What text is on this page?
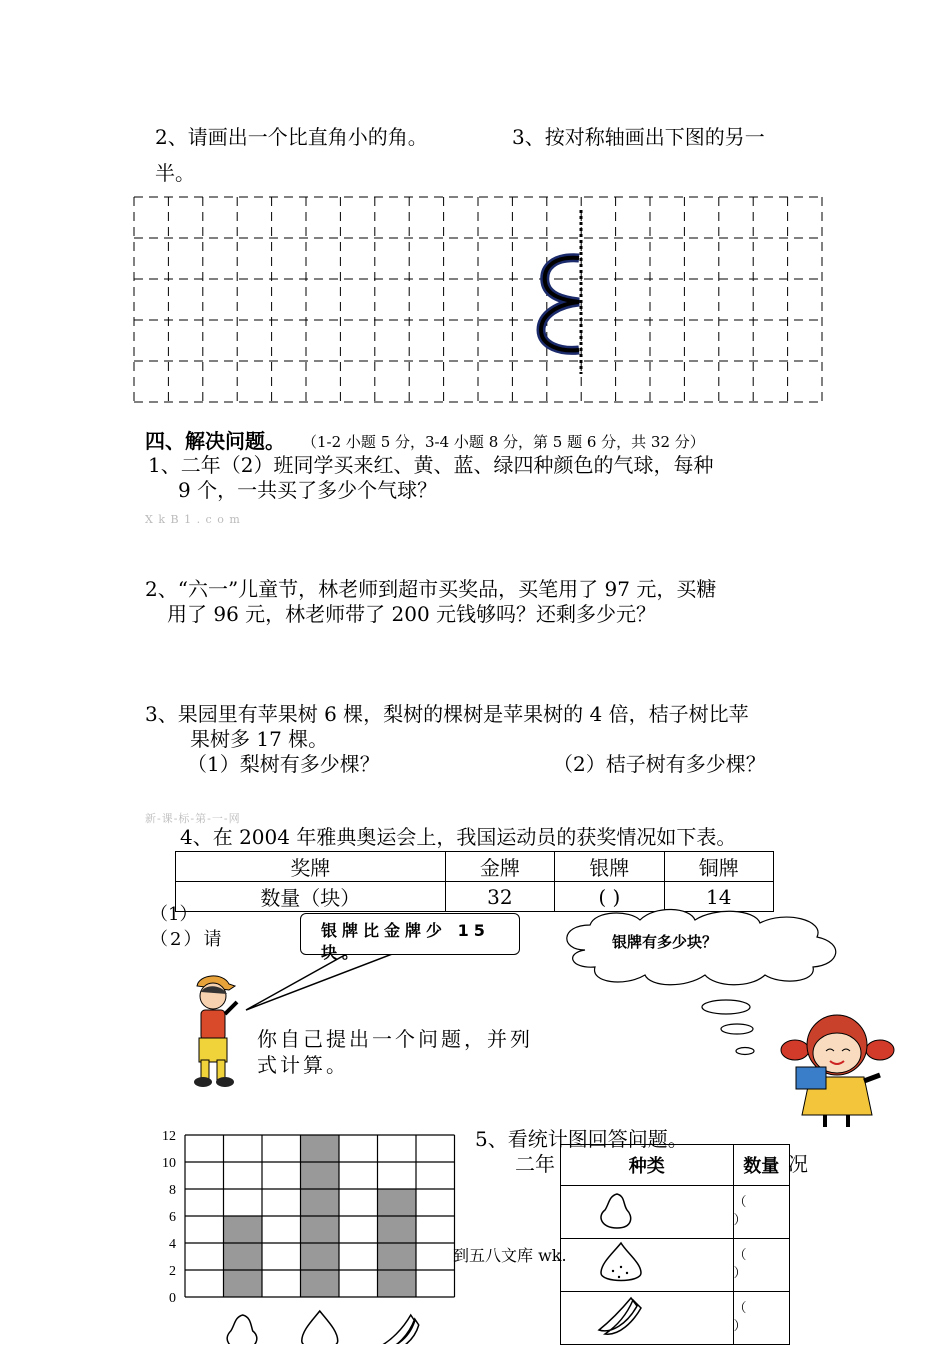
2、请画出一个比直角小的角。	3、按对称轴画出下图的另一
半。
四、解决问题。 （1-2 小题 5 分，3-4 小题 8 分，第 5 题 6 分，共 32 分）
1、二年（2）班同学买来红、黄、蓝、绿四种颜色的气球，每种
9 个，一共买了多少个气球？
X k B 1 . c o m
2、“六一”儿童节，林老师到超市买奖品，买笔用了 97 元，买糖
用了 96 元，林老师带了 200 元钱够吗？还剩多少元？
3、果园里有苹果树 6 棵，梨树的棵树是苹果树的 4 倍，桔子树比苹
果树多 17 棵。
（1）梨树有多少棵？	（2）桔子树有多少棵？
新-课-标-第-一-网
4、在 2004 年雅典奥运会上，我国运动员的获奖情况如下表。
奖牌	金牌	银牌	铜牌
数量（块）	32	( )	14
（1）
（2）请	银牌比金牌少 15 块。
银牌有多少块？
你自己提出一个问题，并列
式计算。
5、看统计图回答问题。
二年	况
到五八文库 wk.
0
2
4
6
8
10
12
种类	数量
	（
）
	（
）
	（
）
